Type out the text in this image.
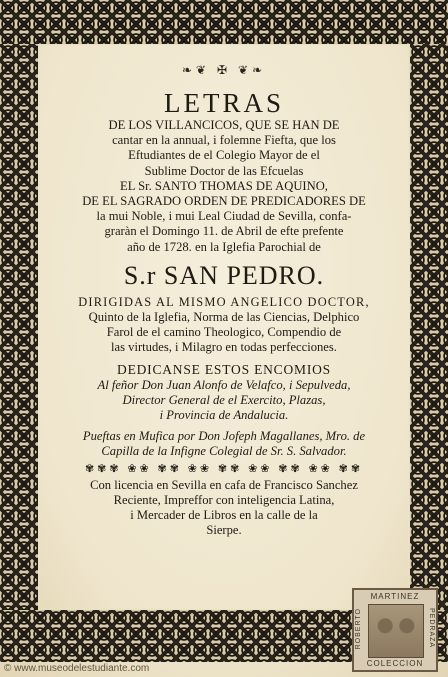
❧❦ ✠ ❦❧
LETRAS
DE LOS VILLANCICOS, QUE SE HAN DE
cantar en la annual, i folemne Fiefta, que los
Eftudiantes de el Colegio Mayor de el
Sublime Doctor de las Efcuelas
EL Sr. SANTO THOMAS DE AQUINO,
DE EL SAGRADO ORDEN DE PREDICADORES DE
la mui Noble, i mui Leal Ciudad de Sevilla, confa-
graràn el Domingo 11. de Abril de efte prefente
año de 1728. en la Iglefia Parochial de
S.r SAN PEDRO.
DIRIGIDAS AL MISMO ANGELICO DOCTOR,
Quinto de la Iglefia, Norma de las Ciencias, Delphico
Farol de el camino Theologico, Compendio de
las virtudes, i Milagro en todas perfecciones.
DEDICANSE ESTOS ENCOMIOS
Al feñor Don Juan Alonfo de Velafco, i Sepulveda,
Director General de el Exercito, Plazas,
i Provincia de Andalucia.
Pueftas en Mufica por Don Jofeph Magallanes, Mro. de
Capilla de la Infigne Colegial de Sr. S. Salvador.
✾✾✾ ❀❀ ✾✾ ❀❀ ✾✾ ❀❀ ✾✾ ❀❀ ✾✾
Con licencia en Sevilla en cafa de Francisco Sanchez
Reciente, Impreffor con inteligencia Latina,
i Mercader de Libros en la calle de la
Sierpe.
MARTINEZ
ROBERTO	PEDRAZA
COLECCION
© www.museodelestudiante.com
